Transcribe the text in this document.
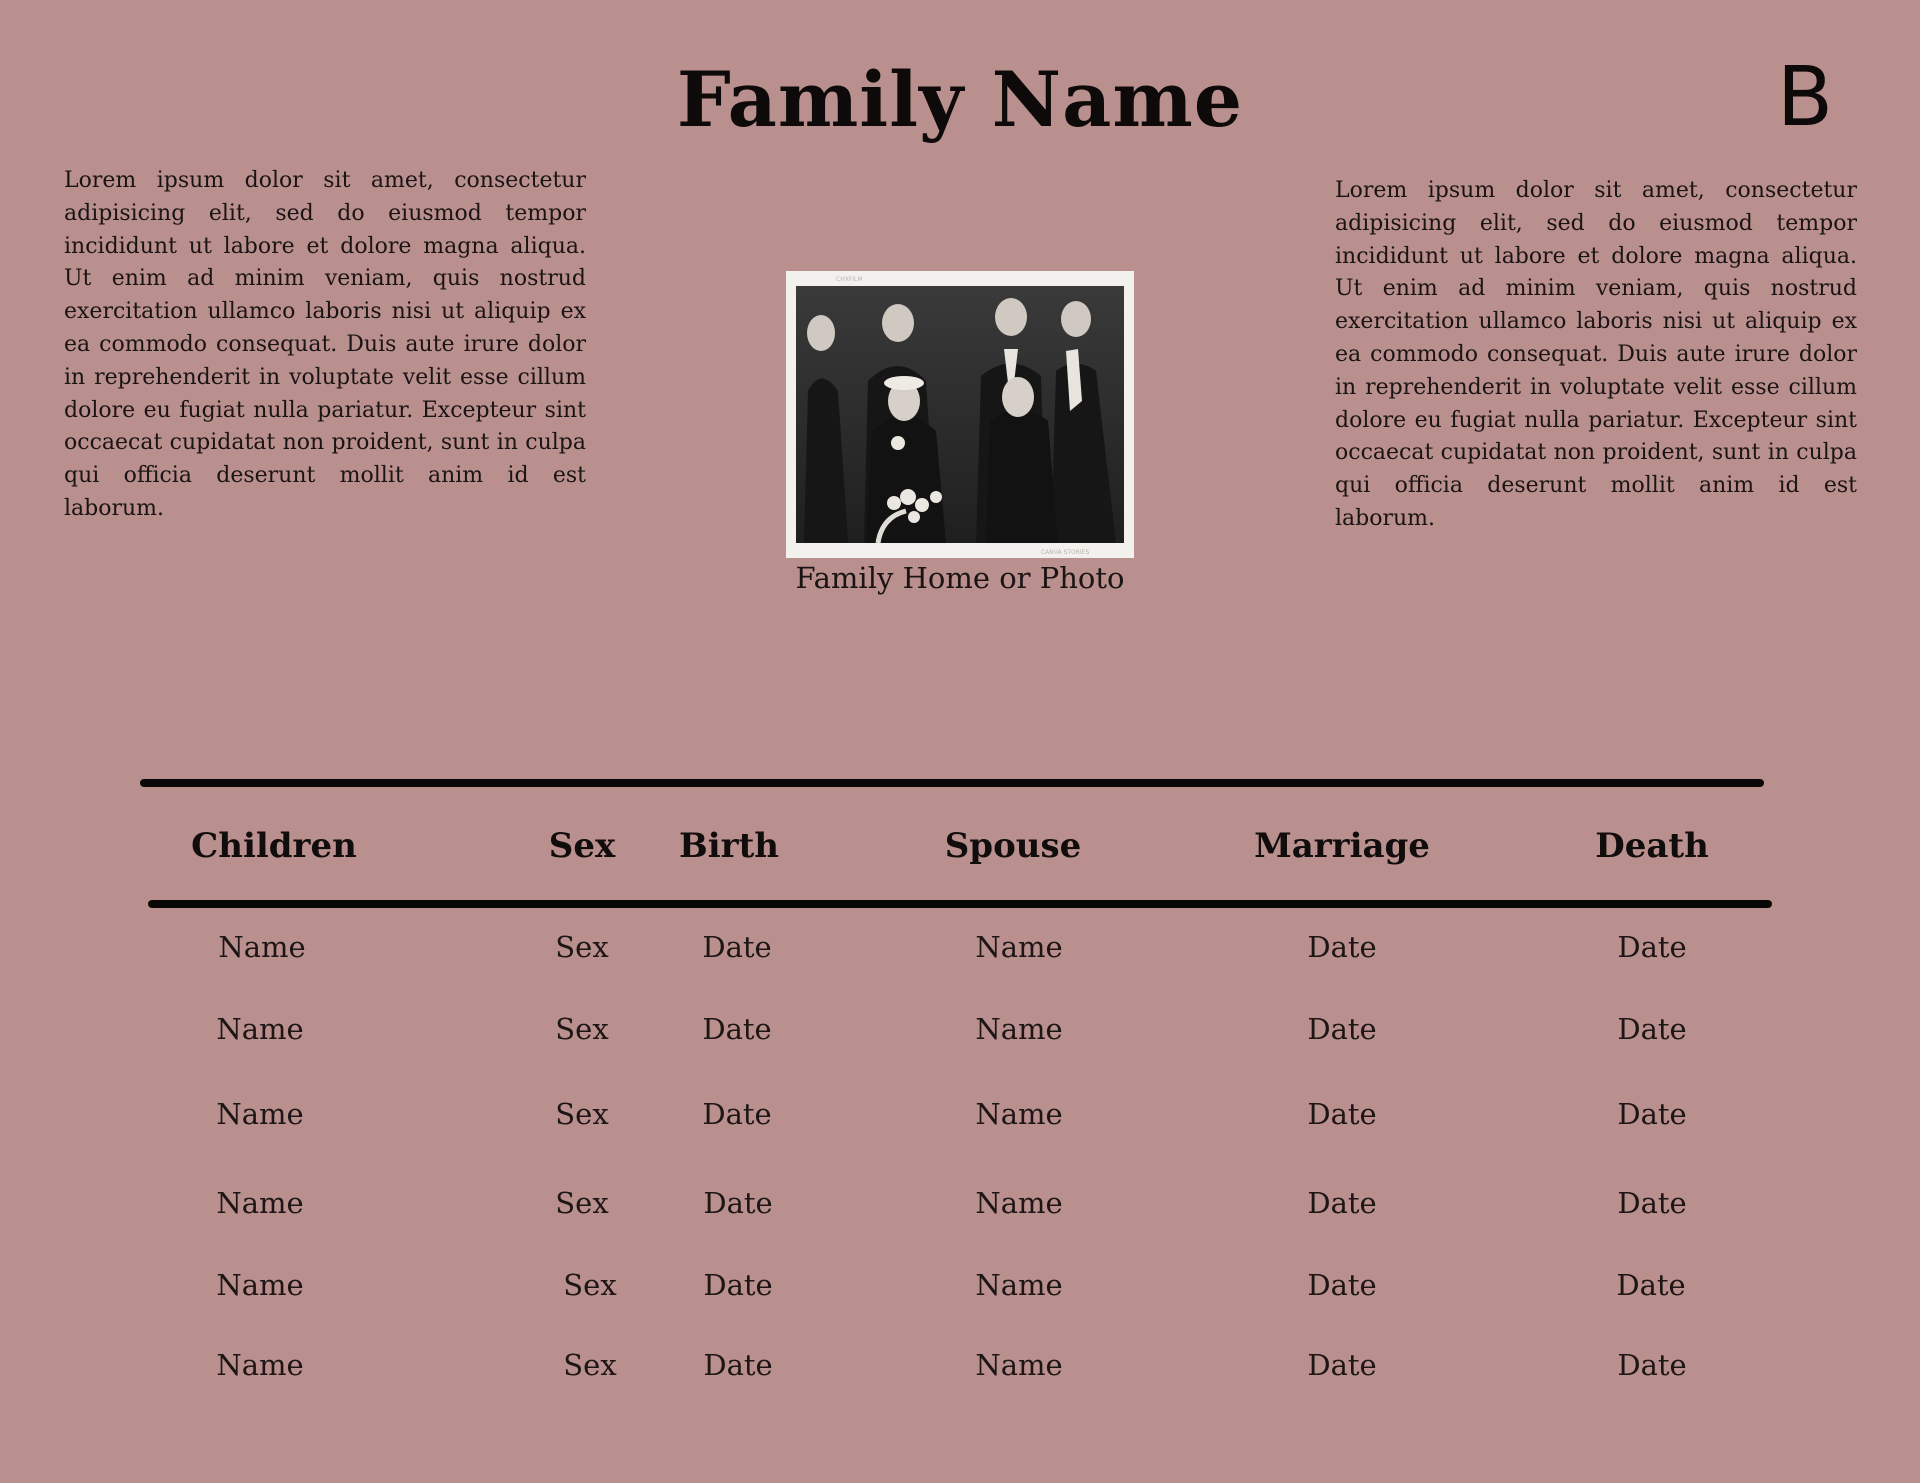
Family Name	B

Lorem ipsum dolor sit amet, consectetur adipisicing elit, sed do eiusmod tempor incididunt ut labore et dolore magna aliqua. Ut enim ad minim veniam, quis nostrud exercitation ullamco laboris nisi ut aliquip ex ea commodo consequat. Duis aute irure dolor in reprehenderit in voluptate velit esse cillum dolore eu fugiat nulla pariatur. Excepteur sint occaecat cupidatat non proident, sunt in culpa qui officia deserunt mollit anim id est laborum.

Lorem ipsum dolor sit amet, consectetur adipisicing elit, sed do eiusmod tempor incididunt ut labore et dolore magna aliqua. Ut enim ad minim veniam, quis nostrud exercitation ullamco laboris nisi ut aliquip ex ea commodo consequat. Duis aute irure dolor in reprehenderit in voluptate velit esse cillum dolore eu fugiat nulla pariatur. Excepteur sint occaecat cupidatat non proident, sunt in culpa qui officia deserunt mollit anim id est laborum.

CHXFILM
CANVA STORIES
Family Home or Photo
Children	Sex Birth	Spouse	Marriage	Death
Name	Sex	Date	Name	Date	Date
Name	Sex	Date	Name	Date	Date
Name	Sex	Date	Name	Date	Date
Name	Sex	Date	Name	Date	Date
Name	Sex	Date	Name	Date	Date
Name	Sex	Date	Name	Date	Date
